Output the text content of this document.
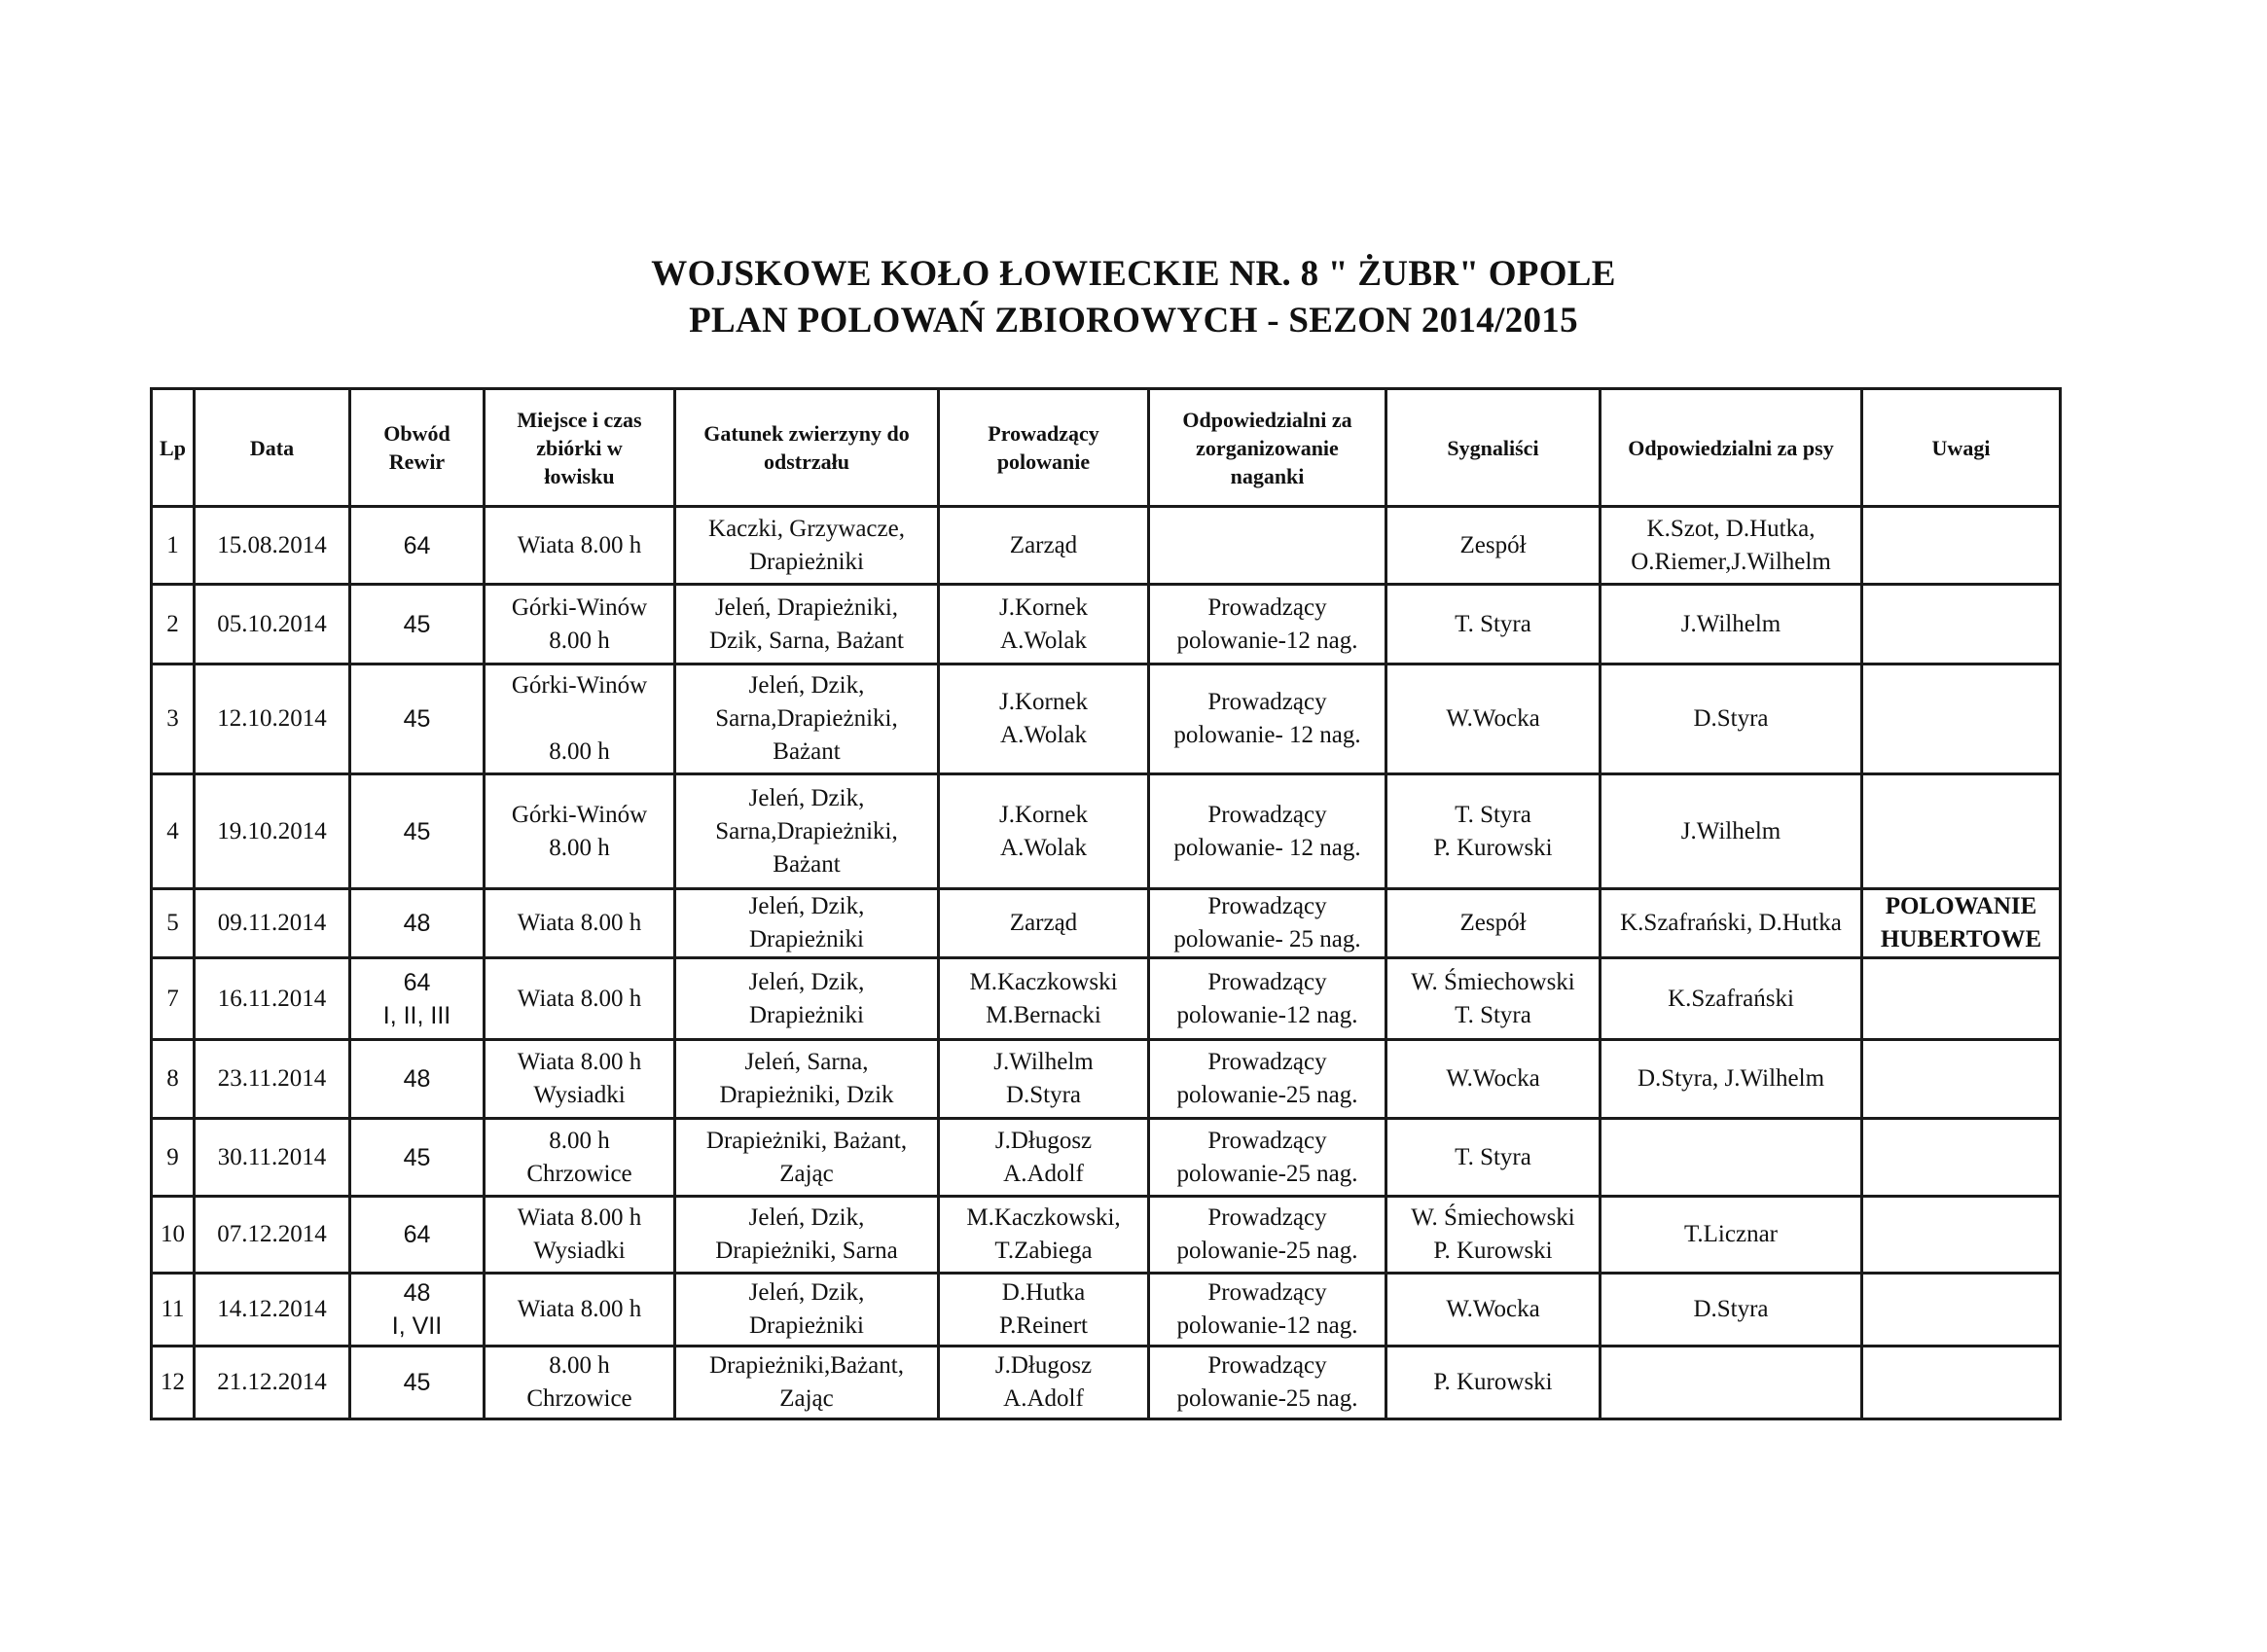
WOJSKOWE KOŁO ŁOWIECKIE NR. 8 " ŻUBR" OPOLE
PLAN POLOWAŃ ZBIOROWYCH - SEZON 2014/2015
Lp	Data	Obwód
Rewir	Miejsce i czas
zbiórki w
łowisku	Gatunek zwierzyny do
odstrzału	Prowadzący
polowanie	Odpowiedzialni za
zorganizowanie
naganki	Sygnaliści	Odpowiedzialni za psy	Uwagi
1	15.08.2014	64	Wiata 8.00 h	Kaczki, Grzywacze,
Drapieżniki	Zarząd		Zespół	K.Szot, D.Hutka,
O.Riemer,J.Wilhelm	
2	05.10.2014	45	Górki-Winów
8.00 h	Jeleń, Drapieżniki,
Dzik, Sarna, Bażant	J.Kornek
A.Wolak	Prowadzący
polowanie-12 nag.	T. Styra	J.Wilhelm	
3	12.10.2014	45	Górki-Winów

8.00 h	Jeleń, Dzik,
Sarna,Drapieżniki,
Bażant	J.Kornek
A.Wolak	Prowadzący
polowanie- 12 nag.	W.Wocka	D.Styra	
4	19.10.2014	45	Górki-Winów
8.00 h	Jeleń, Dzik,
Sarna,Drapieżniki,
Bażant	J.Kornek
A.Wolak	Prowadzący
polowanie- 12 nag.	T. Styra
P. Kurowski	J.Wilhelm	
5	09.11.2014	48	Wiata 8.00 h	Jeleń, Dzik,
Drapieżniki	Zarząd	Prowadzący
polowanie- 25 nag.	Zespół	K.Szafrański, D.Hutka	POLOWANIE
HUBERTOWE
7	16.11.2014	64
I, II, III	Wiata 8.00 h	Jeleń, Dzik,
Drapieżniki	M.Kaczkowski
M.Bernacki	Prowadzący
polowanie-12 nag.	W. Śmiechowski
T. Styra	K.Szafrański	
8	23.11.2014	48	Wiata 8.00 h
Wysiadki	Jeleń, Sarna,
Drapieżniki, Dzik	J.Wilhelm
D.Styra	Prowadzący
polowanie-25 nag.	W.Wocka	D.Styra, J.Wilhelm	
9	30.11.2014	45	8.00 h
Chrzowice	Drapieżniki, Bażant,
Zając	J.Długosz
A.Adolf	Prowadzący
polowanie-25 nag.	T. Styra		
10	07.12.2014	64	Wiata 8.00 h
Wysiadki	Jeleń, Dzik,
Drapieżniki, Sarna	M.Kaczkowski,
T.Zabiega	Prowadzący
polowanie-25 nag.	W. Śmiechowski
P. Kurowski	T.Licznar	
11	14.12.2014	48
I, VII	Wiata 8.00 h	Jeleń, Dzik,
Drapieżniki	D.Hutka
P.Reinert	Prowadzący
polowanie-12 nag.	W.Wocka	D.Styra	
12	21.12.2014	45	8.00 h
Chrzowice	Drapieżniki,Bażant,
Zając	J.Długosz
A.Adolf	Prowadzący
polowanie-25 nag.	P. Kurowski		
